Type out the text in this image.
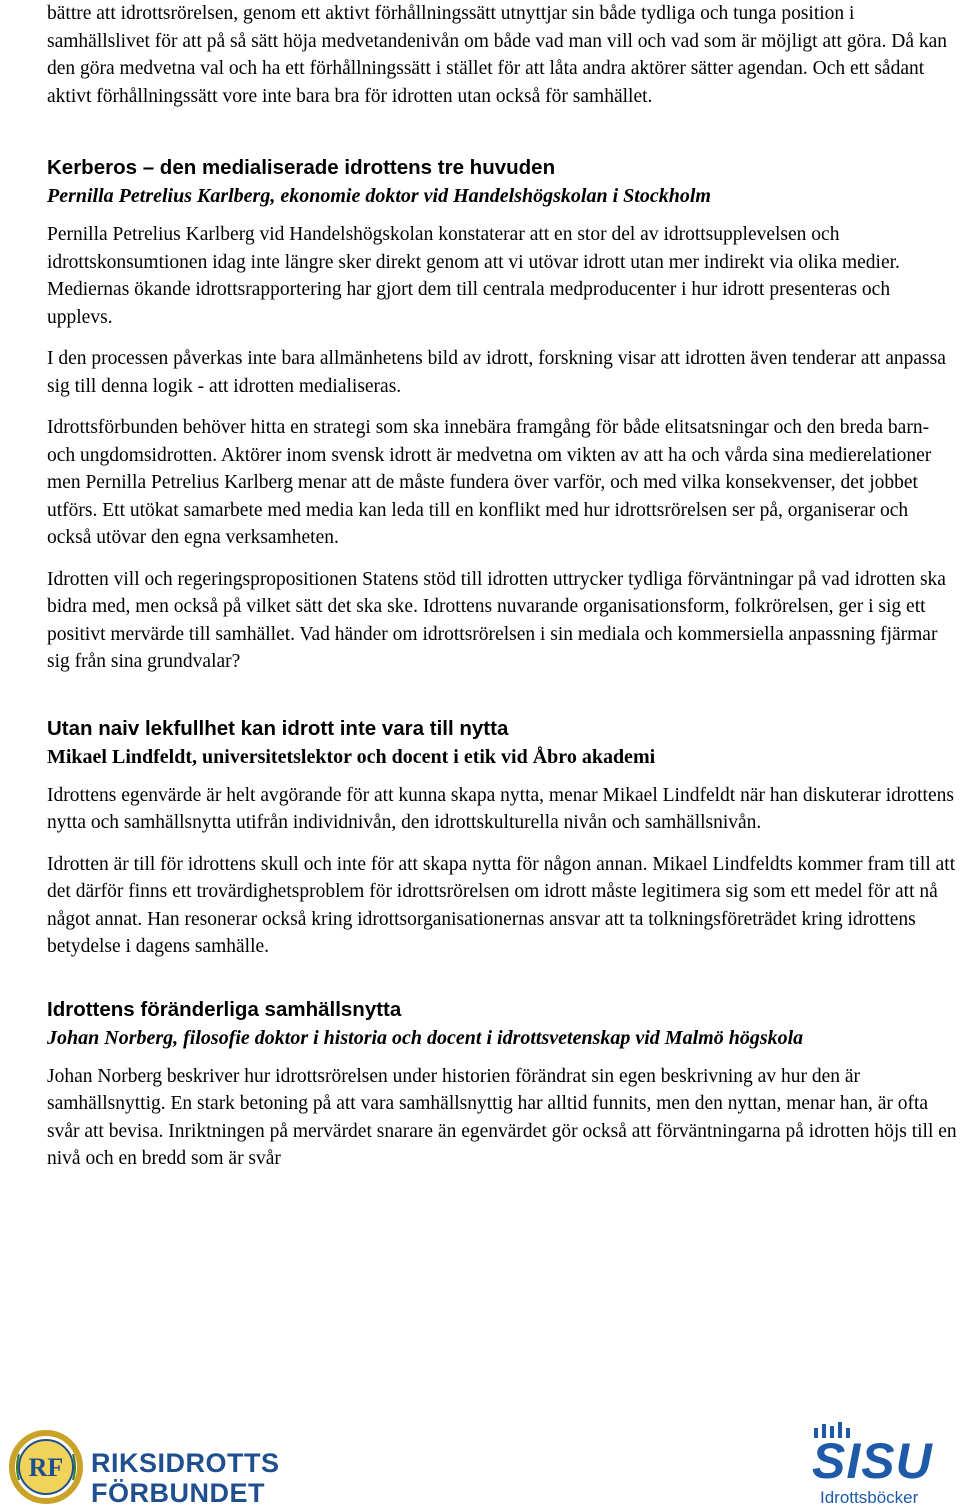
bättre att idrottsrörelsen, genom ett aktivt förhållningssätt utnyttjar sin både tydliga och tunga position i samhällslivet för att på så sätt höja medvetandenivån om både vad man vill och vad som är möjligt att göra. Då kan den göra medvetna val och ha ett förhållningssätt i stället för att låta andra aktörer sätter agendan. Och ett sådant aktivt förhållningssätt vore inte bara bra för idrotten utan också för samhället.

Kerberos – den medialiserade idrottens tre huvuden
Pernilla Petrelius Karlberg, ekonomie doktor vid Handelshögskolan i Stockholm

Pernilla Petrelius Karlberg vid Handelshögskolan konstaterar att en stor del av idrottsupplevelsen och idrottskonsumtionen idag inte längre sker direkt genom att vi utövar idrott utan mer indirekt via olika medier. Mediernas ökande idrottsrapportering har gjort dem till centrala medproducenter i hur idrott presenteras och upplevs.

I den processen påverkas inte bara allmänhetens bild av idrott, forskning visar att idrotten även tenderar att anpassa sig till denna logik - att idrotten medialiseras.

Idrottsförbunden behöver hitta en strategi som ska innebära framgång för både elitsatsningar och den breda barn- och ungdomsidrotten. Aktörer inom svensk idrott är medvetna om vikten av att ha och vårda sina medierelationer men Pernilla Petrelius Karlberg menar att de måste fundera över varför, och med vilka konsekvenser, det jobbet utförs. Ett utökat samarbete med media kan leda till en konflikt med hur idrottsrörelsen ser på, organiserar och också utövar den egna verksamheten.

Idrotten vill och regeringspropositionen Statens stöd till idrotten uttrycker tydliga förväntningar på vad idrotten ska bidra med, men också på vilket sätt det ska ske. Idrottens nuvarande organisationsform, folkrörelsen, ger i sig ett positivt mervärde till samhället. Vad händer om idrottsrörelsen i sin mediala och kommersiella anpassning fjärmar sig från sina grundvalar?

Utan naiv lekfullhet kan idrott inte vara till nytta
Mikael Lindfeldt, universitetslektor och docent i etik vid Åbro akademi

Idrottens egenvärde är helt avgörande för att kunna skapa nytta, menar Mikael Lindfeldt när han diskuterar idrottens nytta och samhällsnytta utifrån individnivån, den idrottskulturella nivån och samhällsnivån.

Idrotten är till för idrottens skull och inte för att skapa nytta för någon annan. Mikael Lindfeldts kommer fram till att det därför finns ett trovärdighetsproblem för idrottsrörelsen om idrott måste legitimera sig som ett medel för att nå något annat. Han resonerar också kring idrottsorganisationernas ansvar att ta tolkningsföreträdet kring idrottens betydelse i dagens samhälle.

Idrottens föränderliga samhällsnytta
Johan Norberg, filosofie doktor i historia och docent i idrottsvetenskap vid Malmö högskola

Johan Norberg beskriver hur idrottsrörelsen under historien förändrat sin egen beskrivning av hur den är samhällsnyttig. En stark betoning på att vara samhällsnyttig har alltid funnits, men den nyttan, menar han, är ofta svår att bevisa. Inriktningen på mervärdet snarare än egenvärdet gör också att förväntningarna på idrotten höjs till en nivå och en bredd som är svår

RF RIKSIDROTTS
FÖRBUNDET
SISU
Idrottsböcker
